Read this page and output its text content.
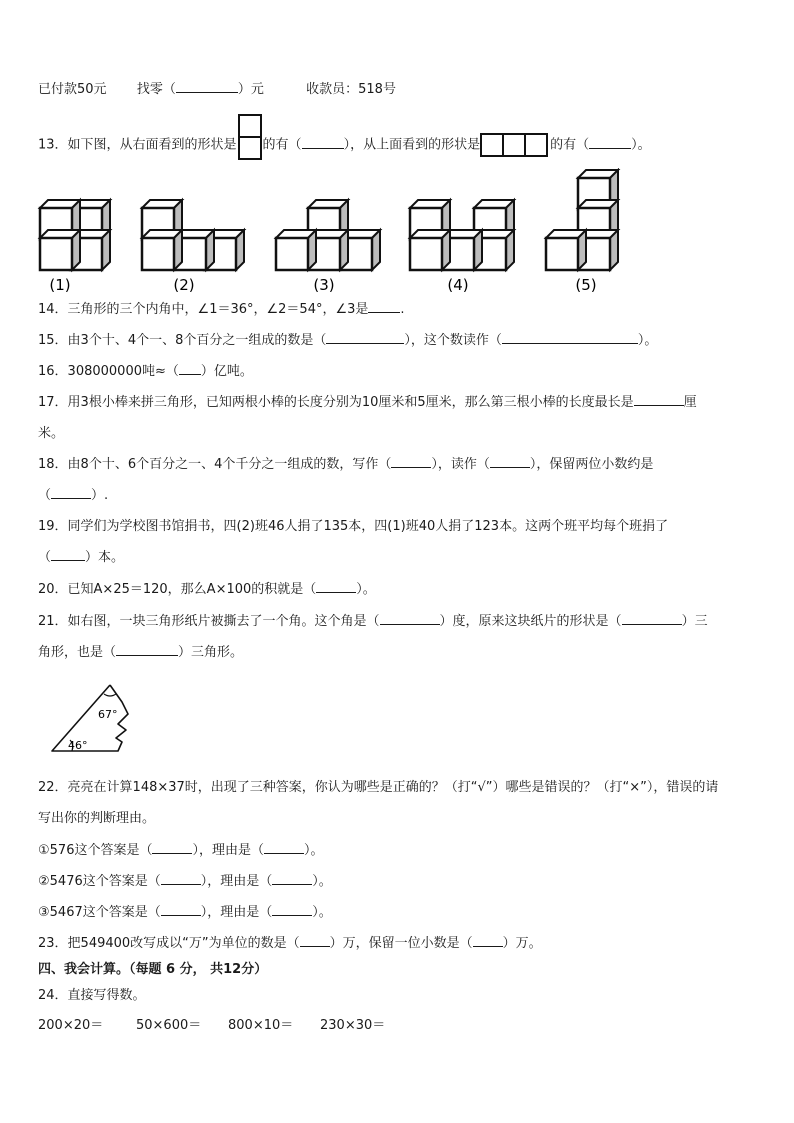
已付款50元 找零（	）元	收款员：518号
13．如下图，从右面看到的形状是 的有（	），从上面看到的形状是	的有（	）。
(1)	(2)	(3)	(4)	(5)
14．三角形的三个内角中，∠1＝36°，∠2＝54°，∠3是 .
15．由3个十、4个一、8个百分之一组成的数是（	），这个数读作（	）。
16．308000000吨≈（ ）亿吨。
17．用3根小棒来拼三角形，已知两根小棒的长度分别为10厘米和5厘米，那么第三根小棒的长度最长是	厘
米。
18．由8个十、6个百分之一、4个千分之一组成的数，写作（	），读作（	），保留两位小数约是
（	）.
19．同学们为学校图书馆捐书，四(2)班46人捐了135本，四(1)班40人捐了123本。这两个班平均每个班捐了
（	）本。
20．已知A×25＝120，那么A×100的积就是（	）。
21．如右图，一块三角形纸片被撕去了一个角。这个角是（	）度，原来这块纸片的形状是（	）三
角形，也是（	）三角形。
67°
46°
22．亮亮在计算148×37时，出现了三种答案，你认为哪些是正确的？（打“√”）哪些是错误的？（打“×”），错误的请
写出你的判断理由。
①576这个答案是（	），理由是（	）。
②5476这个答案是（	），理由是（	）。
③5467这个答案是（	），理由是（	）。
23．把549400改写成以“万”为单位的数是（ ）万，保留一位小数是（ ）万。
四、我会计算。（每题 6 分， 共12分）
24．直接写得数。
200×20＝	50×600＝ 800×10＝ 230×30＝
